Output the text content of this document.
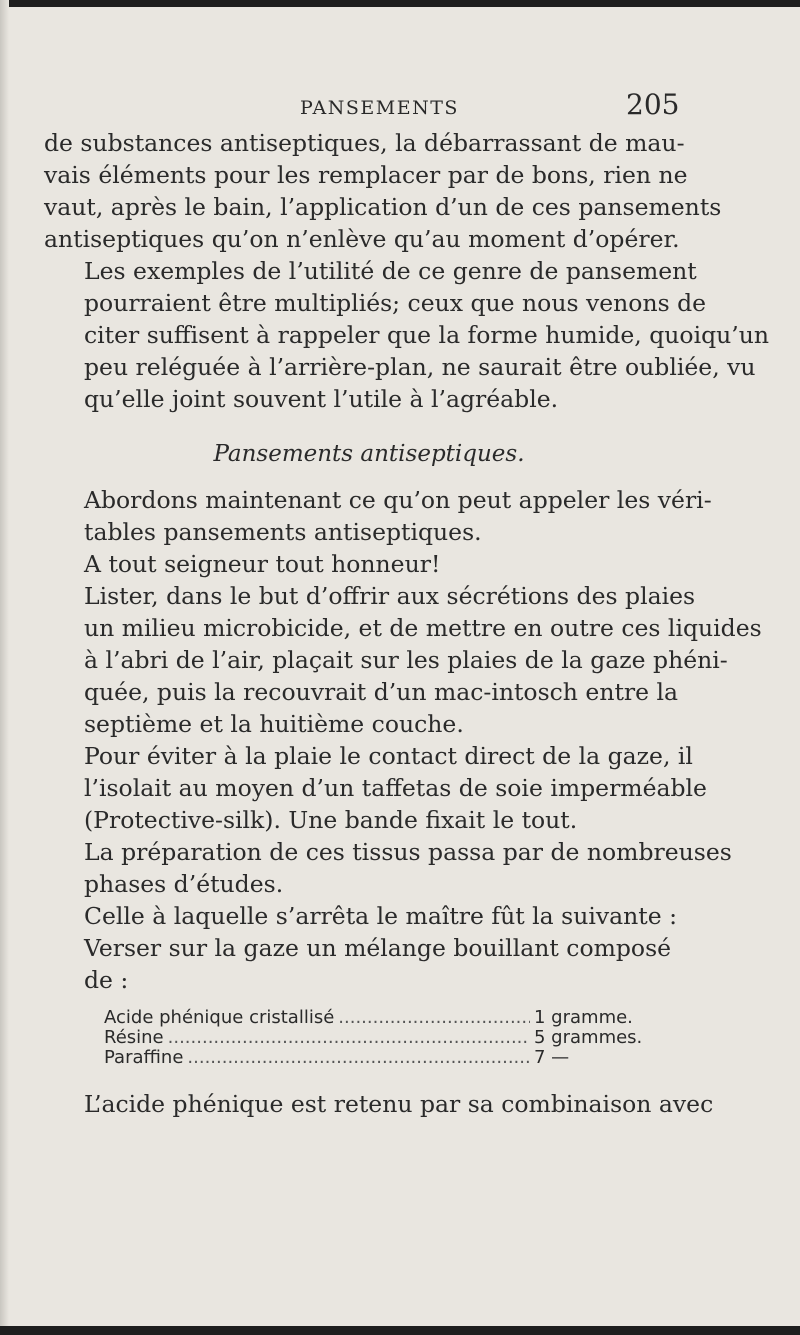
PANSEMENTS	205

de substances antiseptiques, la débarrassant de mau-
vais éléments pour les remplacer par de bons, rien ne
vaut, après le bain, l’application d’un de ces pansements
antiseptiques qu’on n’enlève qu’au moment d’opérer.

Les exemples de l’utilité de ce genre de pansement
pourraient être multipliés; ceux que nous venons de
citer suffisent à rappeler que la forme humide, quoiqu’un
peu reléguée à l’arrière-plan, ne saurait être oubliée, vu
qu’elle joint souvent l’utile à l’agréable.

Pansements antiseptiques.

Abordons maintenant ce qu’on peut appeler les véri-
tables pansements antiseptiques.

A tout seigneur tout honneur!

Lister, dans le but d’offrir aux sécrétions des plaies
un milieu microbicide, et de mettre en outre ces liquides
à l’abri de l’air, plaçait sur les plaies de la gaze phéni-
quée, puis la recouvrait d’un mac-intosch entre la
septième et la huitième couche.

Pour éviter à la plaie le contact direct de la gaze, il
l’isolait au moyen d’un taffetas de soie imperméable
(Protective-silk). Une bande fixait le tout.

La préparation de ces tissus passa par de nombreuses
phases d’études.

Celle à laquelle s’arrêta le maître fût la suivante :

Verser sur la gaze un mélange bouillant composé
de :

Acide phénique cristallisé .....	1 gramme.
Résine .....	5 grammes.
Paraffine .....	7 —

L’acide phénique est retenu par sa combinaison avec
